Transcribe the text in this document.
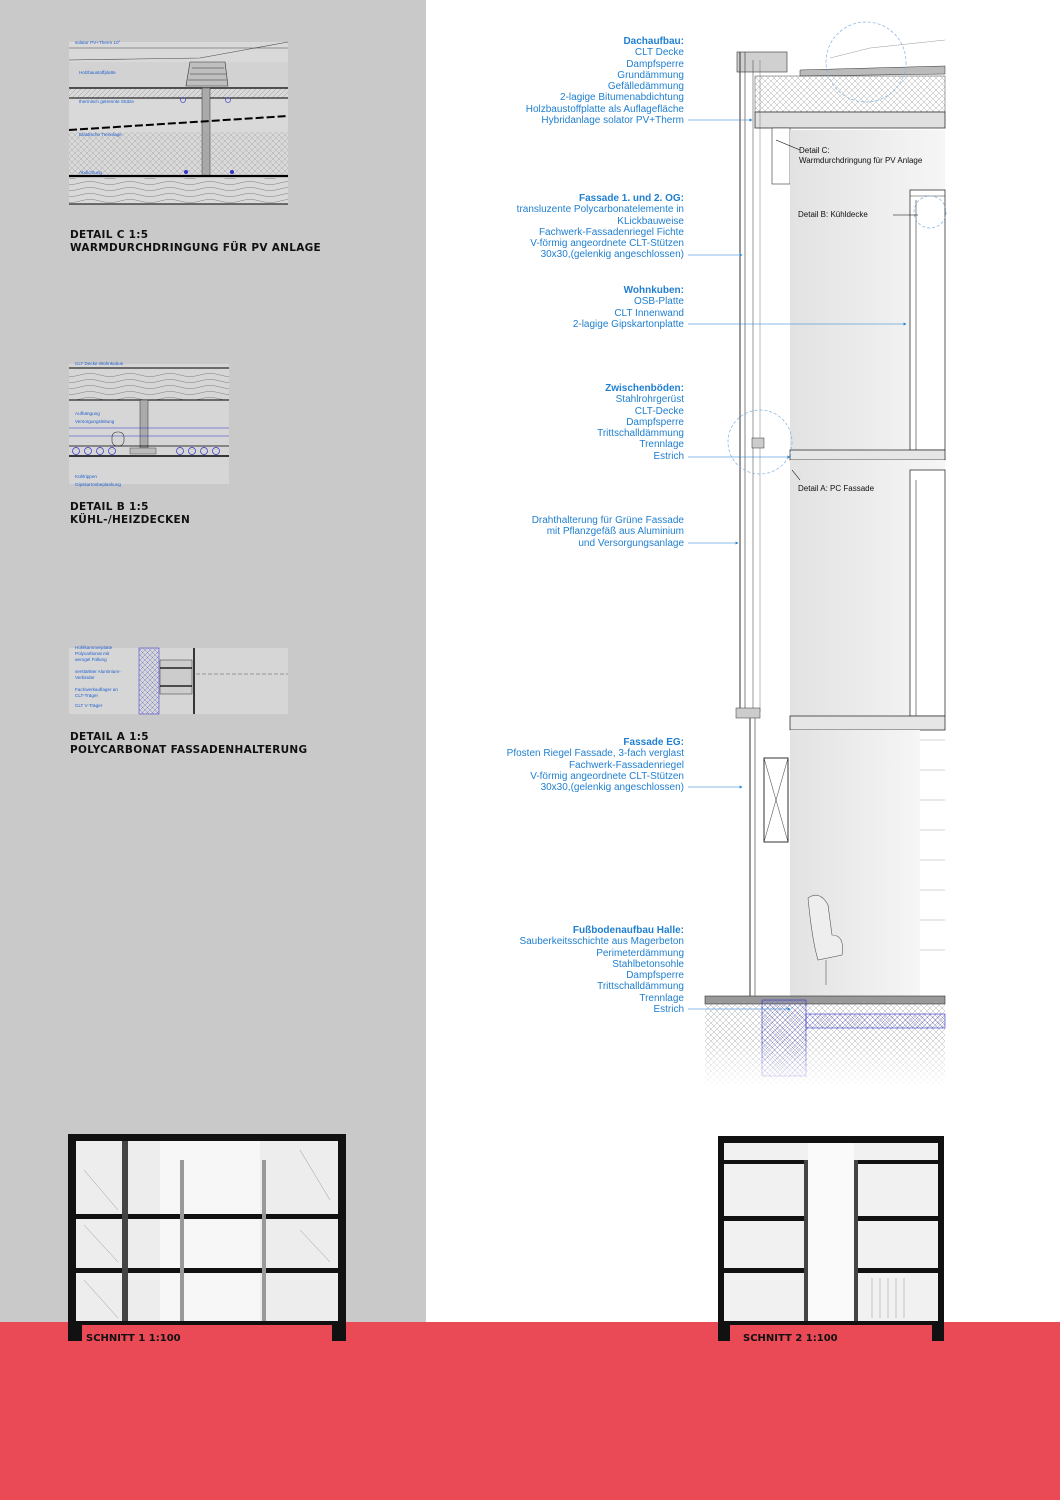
solator PV+Therm 10°
Holzbaustoffplatte
thermisch getrennte Stütze
Elastische Trennlage
Abdichtung
DETAIL C 1:5
WARMDURCHDRINGUNG FÜR PV ANLAGE
CLT Decke Wohnkubus
Aufhängung
Versorgungsleitung
Kühlrippen
Gipskartonbeplankung
DETAIL B 1:5
KÜHL-/HEIZDECKEN
Hohlkammerplatte
Polycarbonat mit
aerogel Füllung
verstärkter Aluminium-
Verbinder
Fachwerkauflager an
CLT-Träger
CLT V-Träger
DETAIL A 1:5
POLYCARBONAT FASSADENHALTERUNG
Dachaufbau:
CLT Decke
Dampfsperre
Grundämmung
Gefälledämmung
2-lagige Bitumenabdichtung
Holzbaustoffplatte als Auflagefläche
Hybridanlage solator PV+Therm
Fassade 1. und 2. OG:
transluzente Polycarbonatelemente in
KLickbauweise
Fachwerk-Fassadenriegel Fichte
V-förmig angeordnete CLT-Stützen
30x30,(gelenkig angeschlossen)
Wohnkuben:
OSB-Platte
CLT Innenwand
2-lagige Gipskartonplatte
Zwischenböden:
Stahlrohrgerüst
CLT-Decke
Dampfsperre
Trittschalldämmung
Trennlage
Estrich
Drahthalterung für Grüne Fassade
mit Pflanzgefäß aus Aluminium
und Versorgungsanlage
Fassade EG:
Pfosten Riegel Fassade, 3-fach verglast
Fachwerk-Fassadenriegel
V-förmig angeordnete CLT-Stützen
30x30,(gelenkig angeschlossen)
Fußbodenaufbau Halle:
Sauberkeitsschichte aus Magerbeton
Perimeterdämmung
Stahlbetonsohle
Dampfsperre
Trittschalldämmung
Trennlage
Estrich
Detail C:
Warmdurchdringung für PV Anlage
Detail B: Kühldecke
Detail A: PC Fassade
SCHNITT 1 1:100	SCHNITT 2 1:100
